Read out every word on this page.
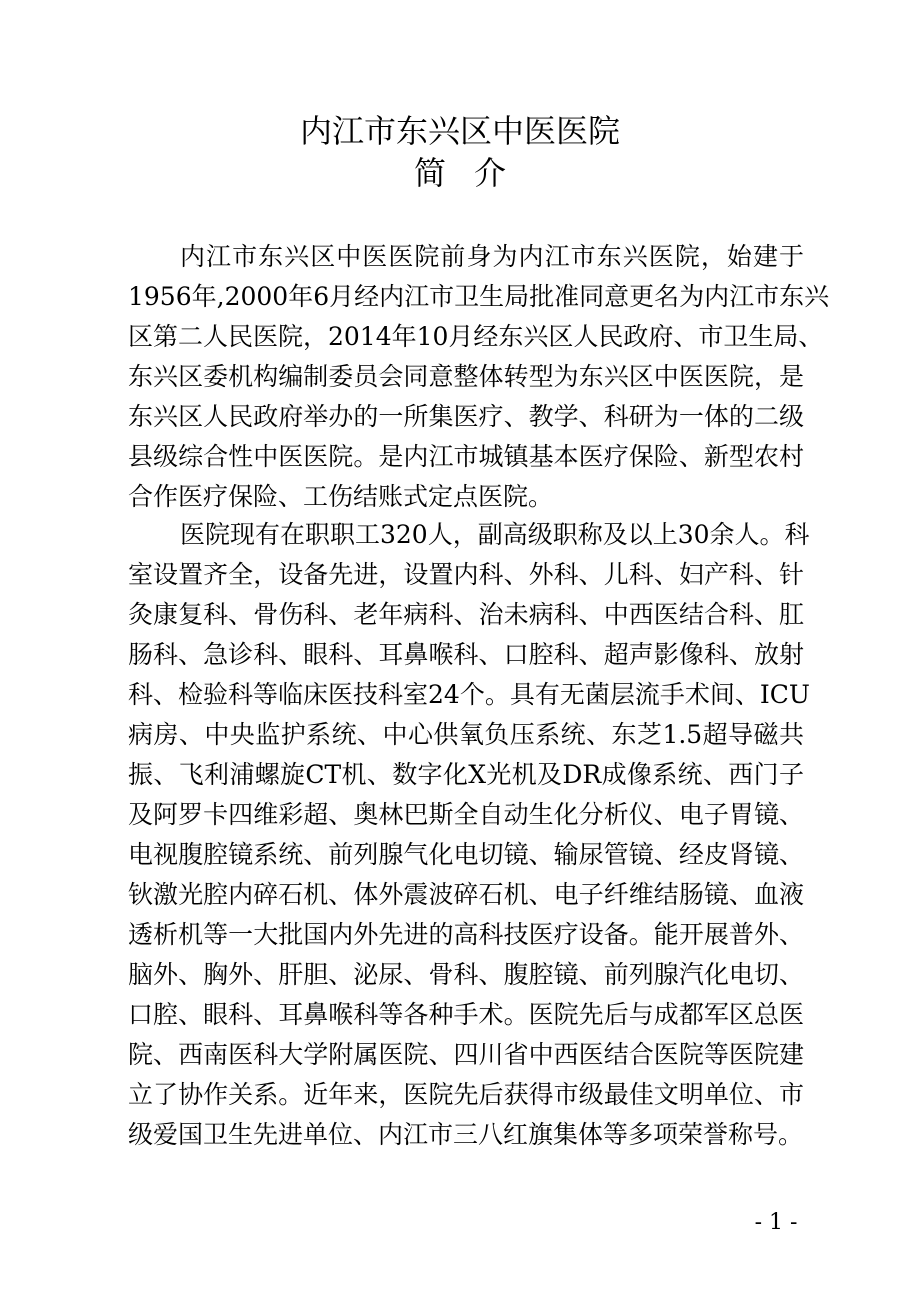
内江市东兴区中医医院
简介
内江市东兴区中医医院前身为内江市东兴医院，始建于
1956年,2000年6月经内江市卫生局批准同意更名为内江市东兴
区第二人民医院，2014年10月经东兴区人民政府、市卫生局、
东兴区委机构编制委员会同意整体转型为东兴区中医医院，是
东兴区人民政府举办的一所集医疗、教学、科研为一体的二级
县级综合性中医医院。是内江市城镇基本医疗保险、新型农村
合作医疗保险、工伤结账式定点医院。
医院现有在职职工320人，副高级职称及以上30余人。科
室设置齐全，设备先进，设置内科、外科、儿科、妇产科、针
灸康复科、骨伤科、老年病科、治未病科、中西医结合科、肛
肠科、急诊科、眼科、耳鼻喉科、口腔科、超声影像科、放射
科、检验科等临床医技科室24个。具有无菌层流手术间、ICU
病房、中央监护系统、中心供氧负压系统、东芝1.5超导磁共
振、飞利浦螺旋CT机、数字化X光机及DR成像系统、西门子
及阿罗卡四维彩超、奥林巴斯全自动生化分析仪、电子胃镜、
电视腹腔镜系统、前列腺气化电切镜、输尿管镜、经皮肾镜、
钬激光腔内碎石机、体外震波碎石机、电子纤维结肠镜、血液
透析机等一大批国内外先进的高科技医疗设备。能开展普外、
脑外、胸外、肝胆、泌尿、骨科、腹腔镜、前列腺汽化电切、
口腔、眼科、耳鼻喉科等各种手术。医院先后与成都军区总医
院、西南医科大学附属医院、四川省中西医结合医院等医院建
立了协作关系。近年来，医院先后获得市级最佳文明单位、市
级爱国卫生先进单位、内江市三八红旗集体等多项荣誉称号。
- 1 -
